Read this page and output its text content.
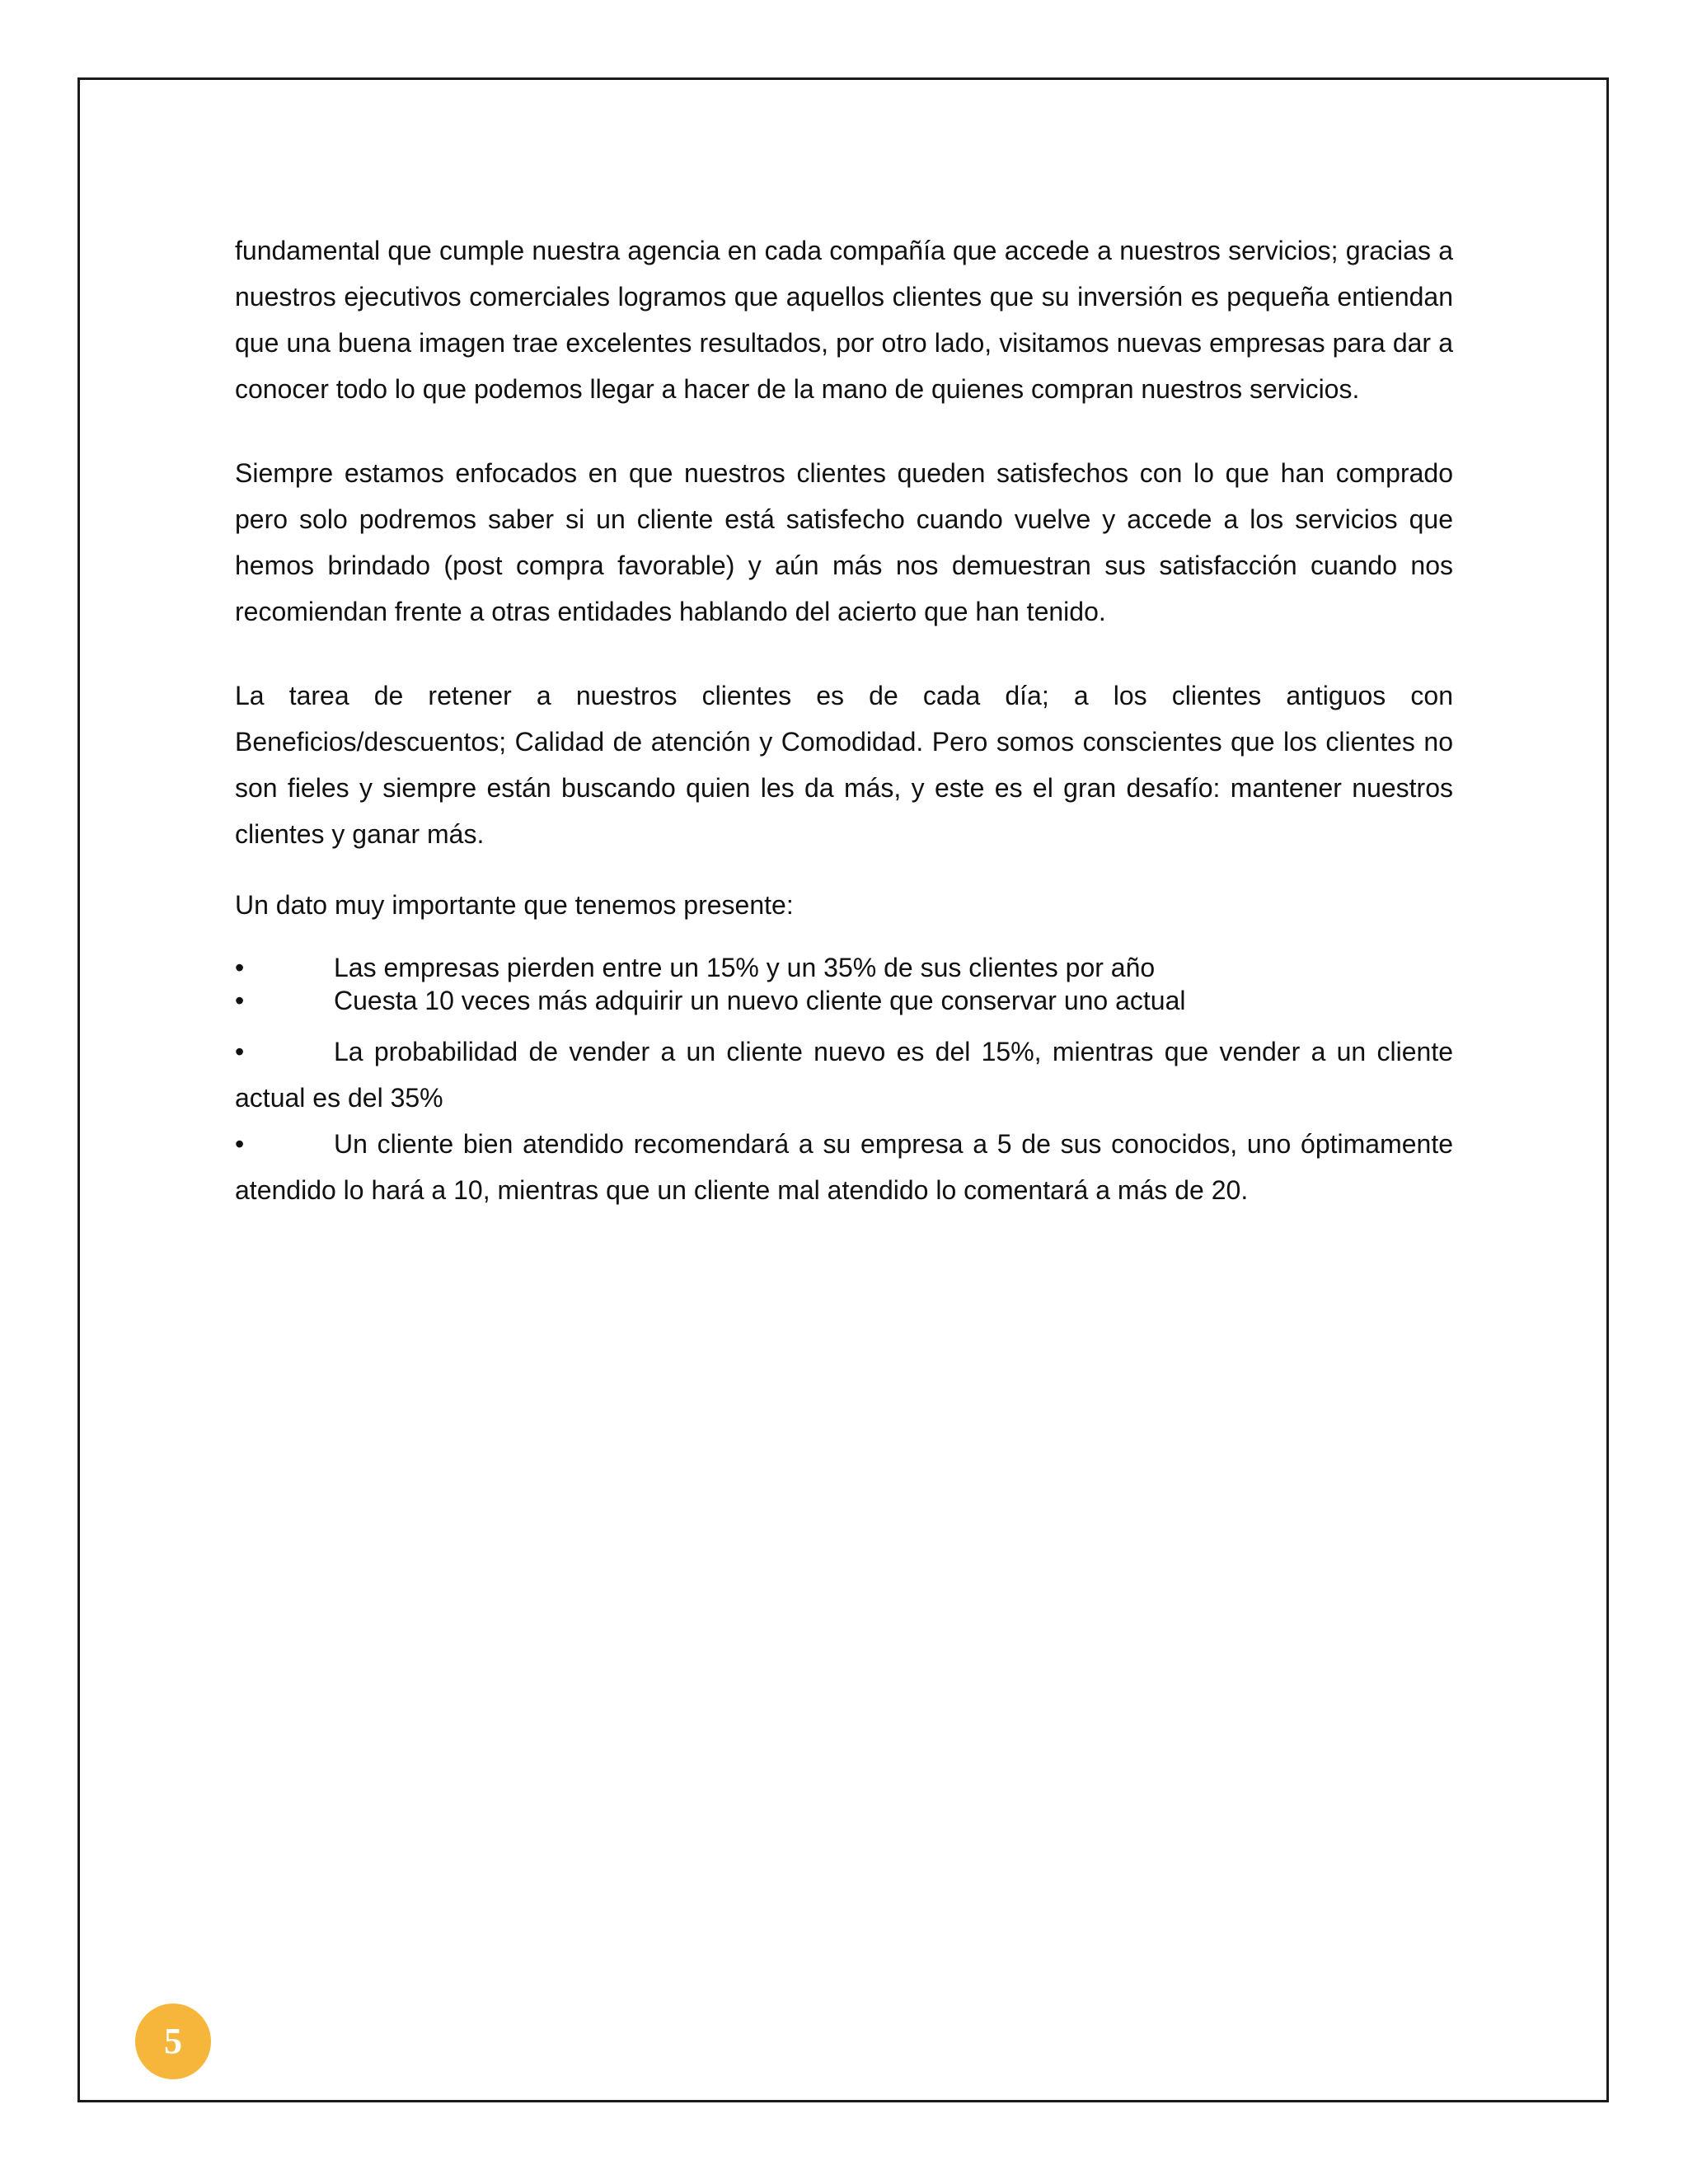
fundamental que cumple nuestra agencia en cada compañía que accede a nuestros servicios; gracias a nuestros ejecutivos comerciales logramos que aquellos clientes que su inversión es pequeña entiendan que una buena imagen trae excelentes resultados, por otro lado, visitamos nuevas empresas para dar a conocer todo lo que podemos llegar a hacer de la mano de quienes compran nuestros servicios.

Siempre estamos enfocados en que nuestros clientes queden satisfechos con lo que han comprado pero solo podremos saber si un cliente está satisfecho cuando vuelve y accede a los servicios que hemos brindado (post compra favorable) y aún más nos demuestran sus satisfacción cuando nos recomiendan frente a otras entidades hablando del acierto que han tenido.

La tarea de retener a nuestros clientes es de cada día; a los clientes antiguos con Beneficios/descuentos; Calidad de atención y Comodidad. Pero somos conscientes que los clientes no son fieles y siempre están buscando quien les da más, y este es el gran desafío: mantener nuestros clientes y ganar más.

Un dato muy importante que tenemos presente:

•	Las empresas pierden entre un 15% y un 35% de sus clientes por año

•	Cuesta 10 veces más adquirir un nuevo cliente que conservar uno actual

•	La probabilidad de vender a un cliente nuevo es del 15%, mientras que vender a un cliente actual es del 35%

•	Un cliente bien atendido recomendará a su empresa a 5 de sus conocidos, uno óptimamente atendido lo hará a 10, mientras que un cliente mal atendido lo comentará a más de 20.

5
